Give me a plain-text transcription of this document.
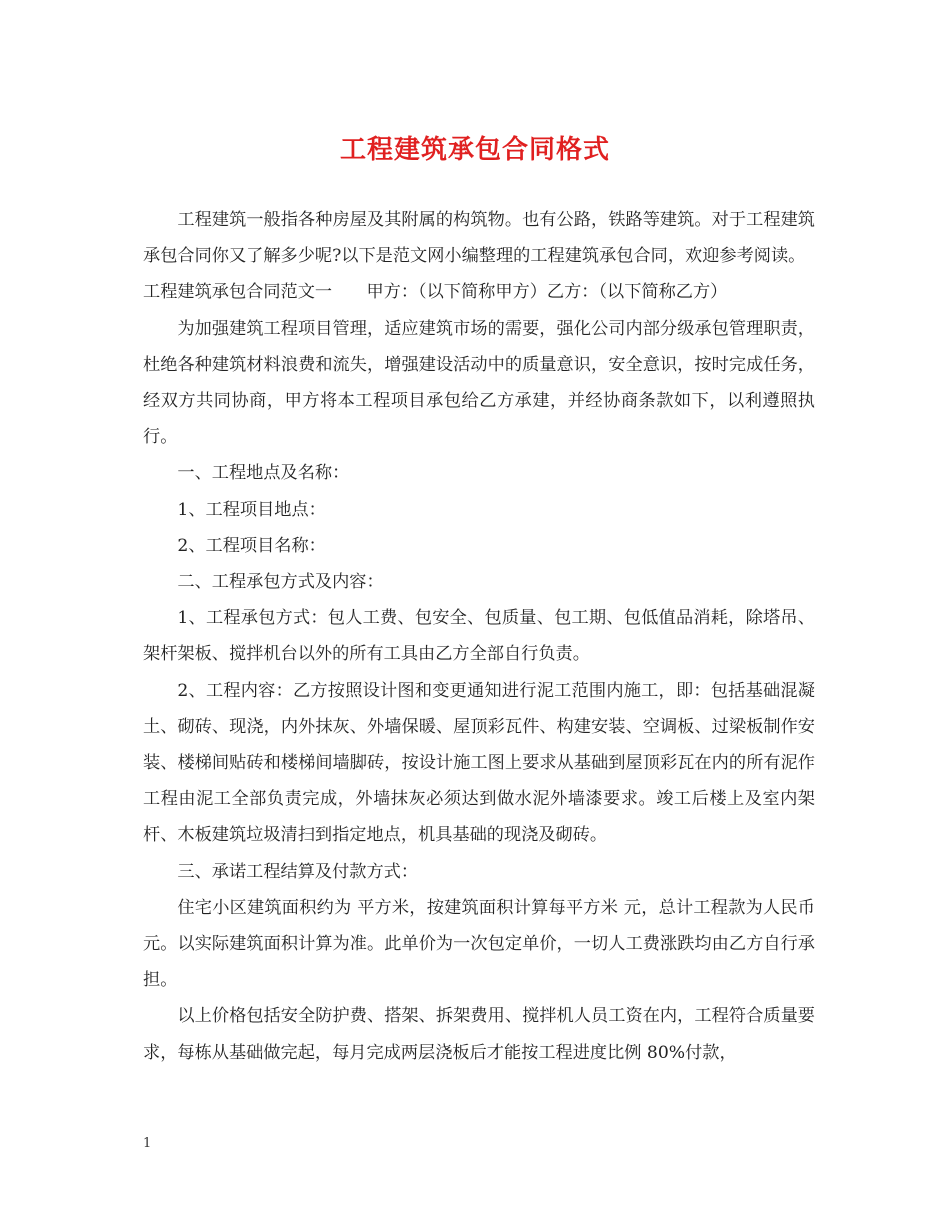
工程建筑承包合同格式

工程建筑一般指各种房屋及其附属的构筑物。也有公路，铁路等建筑。对于工程建筑承包合同你又了解多少呢?以下是范文网小编整理的工程建筑承包合同，欢迎参考阅读。

工程建筑承包合同范文一　　甲方：（以下简称甲方）乙方：（以下简称乙方）

为加强建筑工程项目管理，适应建筑市场的需要，强化公司内部分级承包管理职责，杜绝各种建筑材料浪费和流失，增强建设活动中的质量意识，安全意识，按时完成任务，经双方共同协商，甲方将本工程项目承包给乙方承建，并经协商条款如下，以利遵照执行。

一、工程地点及名称：

1、工程项目地点：

2、工程项目名称：

二、工程承包方式及内容：

1、工程承包方式：包人工费、包安全、包质量、包工期、包低值品消耗，除塔吊、架杆架板、搅拌机台以外的所有工具由乙方全部自行负责。

2、工程内容：乙方按照设计图和变更通知进行泥工范围内施工，即：包括基础混凝土、砌砖、现浇，内外抹灰、外墙保暖、屋顶彩瓦件、构建安装、空调板、过梁板制作安装、楼梯间贴砖和楼梯间墙脚砖，按设计施工图上要求从基础到屋顶彩瓦在内的所有泥作工程由泥工全部负责完成，外墙抹灰必须达到做水泥外墙漆要求。竣工后楼上及室内架杆、木板建筑垃圾清扫到指定地点，机具基础的现浇及砌砖。

三、承诺工程结算及付款方式：

住宅小区建筑面积约为 平方米，按建筑面积计算每平方米 元，总计工程款为人民币 元。以实际建筑面积计算为准。此单价为一次包定单价，一切人工费涨跌均由乙方自行承担。

以上价格包括安全防护费、搭架、拆架费用、搅拌机人员工资在内，工程符合质量要求，每栋从基础做完起，每月完成两层浇板后才能按工程进度比例 80%付款，

1
